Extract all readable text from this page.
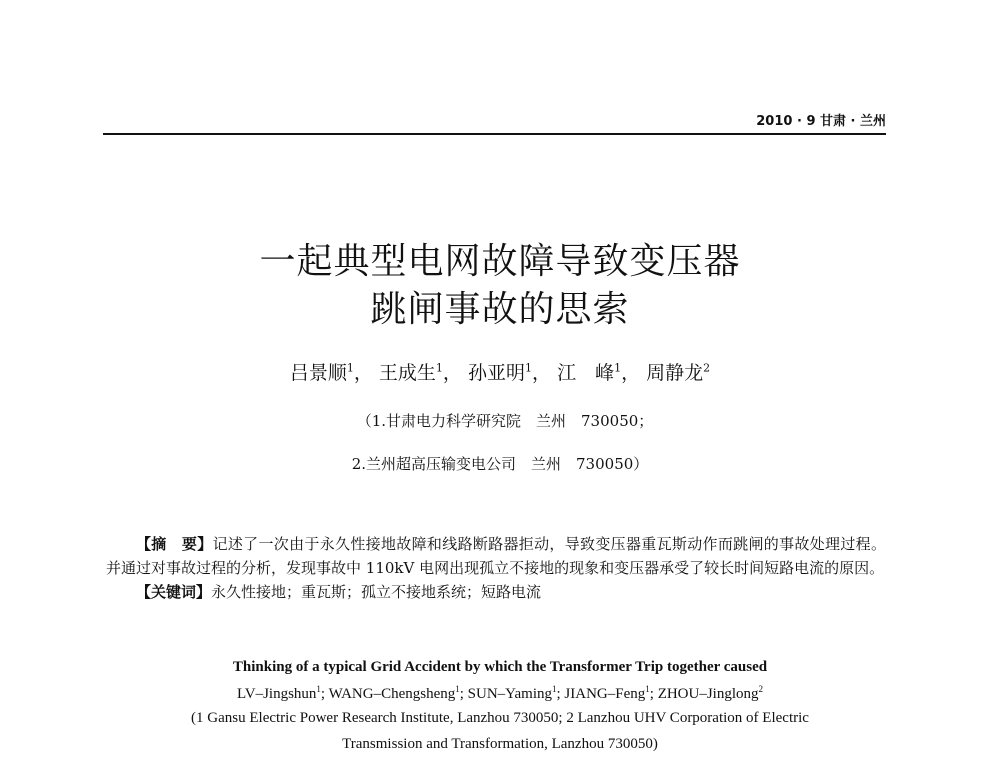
2010 · 9 甘肃 · 兰州
一起典型电网故障导致变压器
跳闸事故的思索
吕景顺$^1$， 王成生$^1$， 孙亚明$^1$， 江　峰$^1$， 周静龙$^2$
（1.甘肃电力科学研究院　兰州　730050；
2.兰州超高压输变电公司　兰州　730050）

【摘　要】记述了一次由于永久性接地故障和线路断路器拒动，导致变压器重瓦斯动作而跳闸的事故处理过程。并通过对事故过程的分析，发现事故中 110kV 电网出现孤立不接地的现象和变压器承受了较长时间短路电流的原因。

【关键词】永久性接地；重瓦斯；孤立不接地系统；短路电流

Thinking of a typical Grid Accident by which the Transformer Trip together caused
LV–Jingshun$^1$; WANG–Chengsheng$^1$; SUN–Yaming$^1$; JIANG–Feng$^1$; ZHOU–Jinglong$^2$
(1 Gansu Electric Power Research Institute, Lanzhou 730050; 2 Lanzhou UHV Corporation of Electric
Transmission and Transformation, Lanzhou 730050)
